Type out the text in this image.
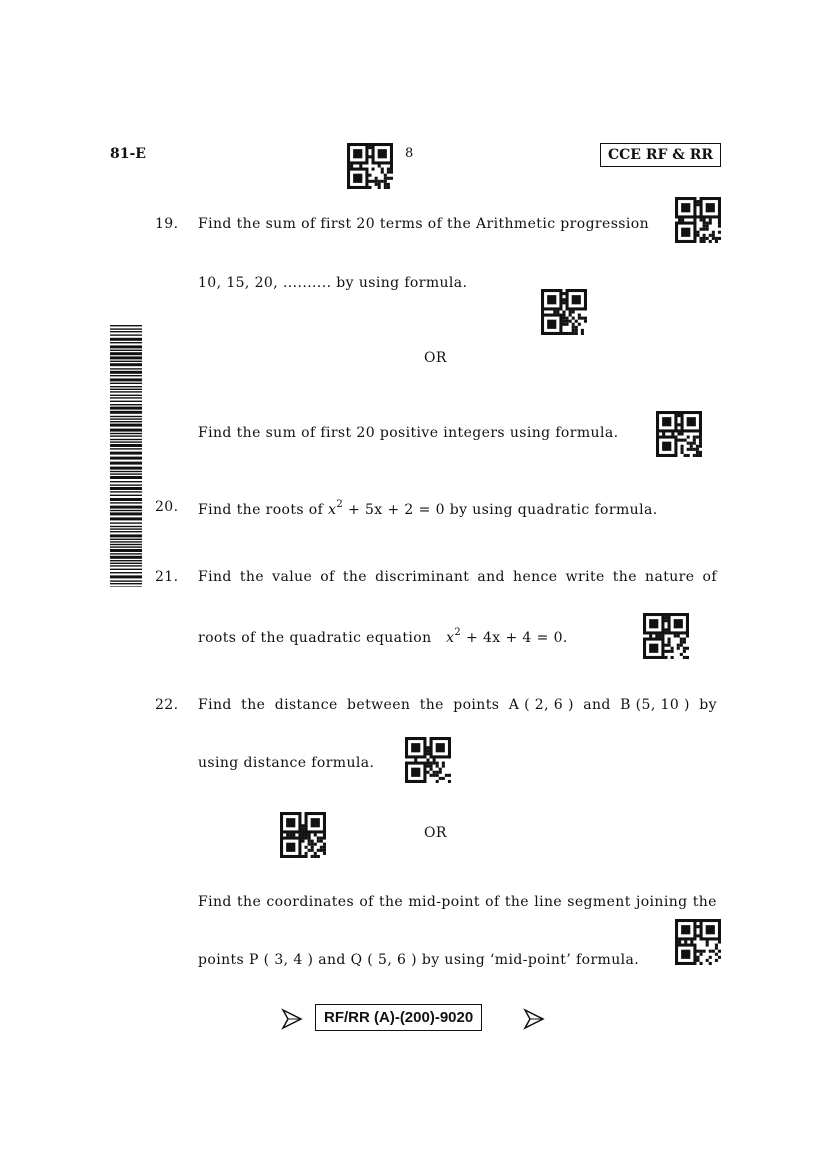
81-E	8	CCE RF & RR
19. Find the sum of first 20 terms of the Arithmetic progression
10, 15, 20, .......... by using formula.
OR
Find the sum of first 20 positive integers using formula.
20. Find the roots of $x^2 + 5x + 2 = 0$ by using quadratic formula.
21. Find the value of the discriminant and hence write the nature of
roots of the quadratic equation $x^2 + 4x + 4 = 0$.
22. Find the distance between the points A ( 2, 6 ) and B (5, 10 ) by
using distance formula.
OR
Find the coordinates of the mid-point of the line segment joining the
points P ( 3, 4 ) and Q ( 5, 6 ) by using ‘mid-point’ formula.
RF/RR (A)-(200)-9020
